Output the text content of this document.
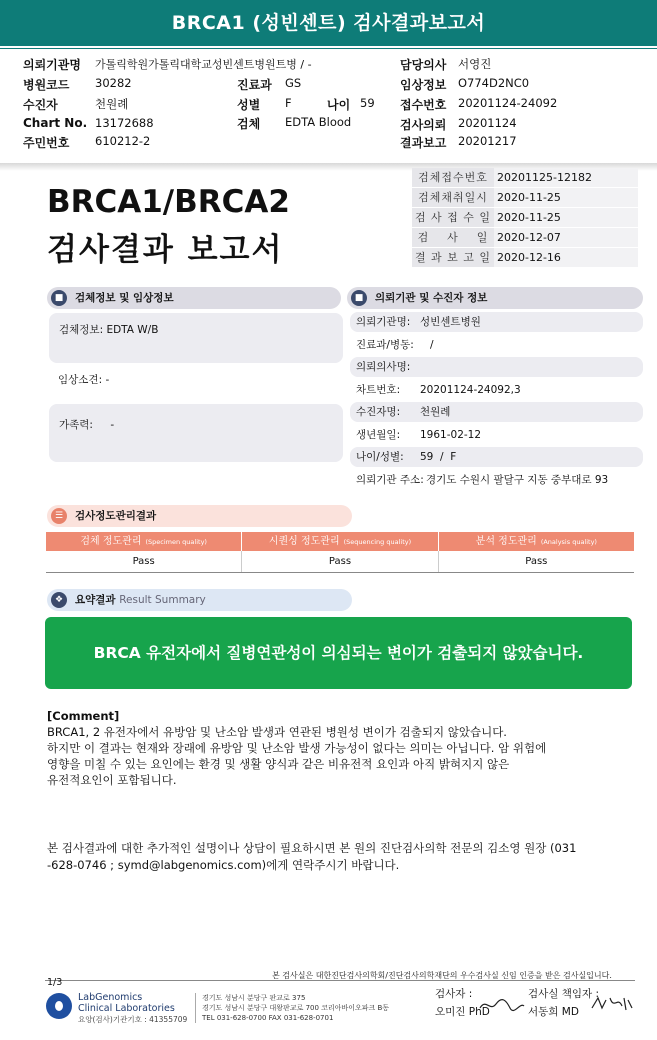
BRCA1 (성빈센트) 검사결과보고서
의뢰기관명 가톨릭학원가톨릭대학교성빈센트병원트병 / -
병원코드 30282
수진자	천원례
Chart No. 13172688
주민번호 610212-2
진료과 GS
성별 F	나이 59
검체 EDTA Blood
담당의사 서영진
임상정보 O774D2NC0
접수번호 20201124-24092
검사의뢰 20201124
결과보고 20201217
BRCA1/BRCA2
검사결과 보고서
검체접수번호 20201125-12182
검체채취일시 2020-11-25
검 사 접 수 일 2020-11-25
검    사    일 2020-12-07
결 과 보 고 일 2020-12-16
■	검체정보 및 임상정보
검체정보: EDTA W/B
임상소견: -
가족력: -
■	의뢰기관 및 수진자 정보
의뢰기관명: 성빈센트병원
진료과/병동:   /
의뢰의사명:
차트번호: 20201124-24092,3
수진자명: 천원례
생년월일: 1961-02-12
나이/성별: 59  /  F
의뢰기관 주소: 경기도 수원시 팔달구 지동 중부대로 93
☰	검사정도관리결과
검체 정도관리 (Specimen quality)	시퀀싱 정도관리 (Sequencing quality)	분석 정도관리 (Analysis quality)
Pass	Pass	Pass
❖	요약결과 Result Summary
BRCA 유전자에서 질병연관성이 의심되는 변이가 검출되지 않았습니다.
[Comment]
BRCA1, 2 유전자에서 유방암 및 난소암 발생과 연관된 병원성 변이가 검출되지 않았습니다.
하지만 이 결과는 현재와 장래에 유방암 및 난소암 발생 가능성이 없다는 의미는 아닙니다. 암 위험에
영향을 미칠 수 있는 요인에는 환경 및 생활 양식과 같은 비유전적 요인과 아직 밝혀지지 않은
유전적요인이 포함됩니다.
본 검사결과에 대한 추가적인 설명이나 상담이 필요하시면 본 원의 진단검사의학 전문의 김소영 원장 (031
-628-0746 ; symd@labgenomics.com)에게 연락주시기 바랍니다.
본 검사실은 대한진단검사의학회/진단검사의학재단의 우수검사실 신임 인증을 받은 검사실입니다.
1/3
LabGenomics
Clinical Laboratories
요양(검사)기관기호 : 41355709
경기도 성남시 분당구 판교로 375
경기도 성남시 분당구 대왕판교로 700 코리아바이오파크 B동
TEL 031-628-0700 FAX 031-628-0701
검사자 :
오미진 PhD
검사실 책임자 :
서동희 MD
